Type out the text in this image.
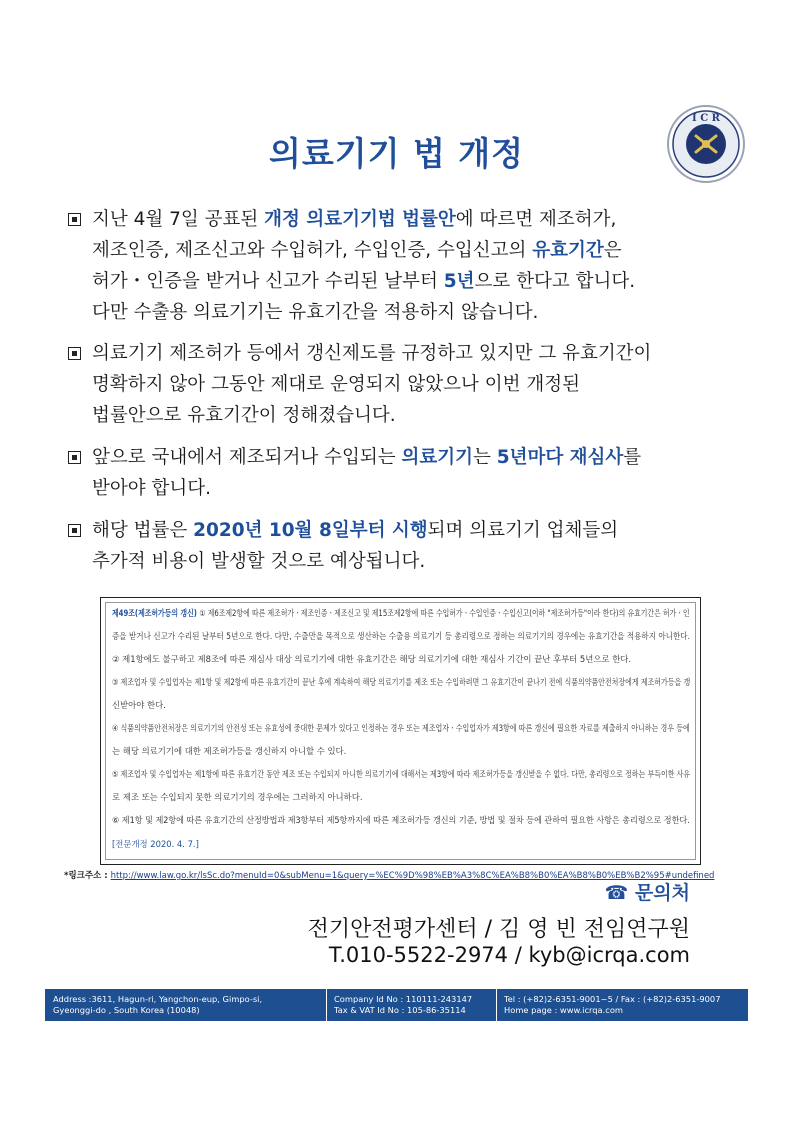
의료기기 법 개정
I C R
지난 4월 7일 공표된 개정 의료기기법 법률안에 따르면 제조허가,
제조인증, 제조신고와 수입허가, 수입인증, 수입신고의 유효기간은
허가・인증을 받거나 신고가 수리된 날부터 5년으로 한다고 합니다.
다만 수출용 의료기기는 유효기간을 적용하지 않습니다.
의료기기 제조허가 등에서 갱신제도를 규정하고 있지만 그 유효기간이
명확하지 않아 그동안 제대로 운영되지 않았으나 이번 개정된
법률안으로 유효기간이 정해졌습니다.
앞으로 국내에서 제조되거나 수입되는 의료기기는 5년마다 재심사를
받아야 합니다.
해당 법률은 2020년 10월 8일부터 시행되며 의료기기 업체들의
추가적 비용이 발생할 것으로 예상됩니다.
제49조(제조허가등의 갱신) ① 제6조제2항에 따른 제조허가ㆍ제조인증ㆍ제조신고 및 제15조제2항에 따른 수입허가ㆍ수입인증ㆍ수입신고(이하 "제조허가등"이라 한다)의 유효기간은 허가ㆍ인
증을 받거나 신고가 수리된 날부터 5년으로 한다. 다만, 수출만을 목적으로 생산하는 수출용 의료기기 등 총리령으로 정하는 의료기기의 경우에는 유효기간을 적용하지 아니한다.
② 제1항에도 불구하고 제8조에 따른 재심사 대상 의료기기에 대한 유효기간은 해당 의료기기에 대한 재심사 기간이 끝난 후부터 5년으로 한다.
③ 제조업자 및 수입업자는 제1항 및 제2항에 따른 유효기간이 끝난 후에 계속하여 해당 의료기기를 제조 또는 수입하려면 그 유효기간이 끝나기 전에 식품의약품안전처장에게 제조허가등을 갱
신받아야 한다.
④ 식품의약품안전처장은 의료기기의 안전성 또는 유효성에 중대한 문제가 있다고 인정하는 경우 또는 제조업자ㆍ수입업자가 제3항에 따른 갱신에 필요한 자료를 제출하지 아니하는 경우 등에
는 해당 의료기기에 대한 제조허가등을 갱신하지 아니할 수 있다.
⑤ 제조업자 및 수입업자는 제1항에 따른 유효기간 동안 제조 또는 수입되지 아니한 의료기기에 대해서는 제3항에 따라 제조허가등을 갱신받을 수 없다. 다만, 총리령으로 정하는 부득이한 사유
로 제조 또는 수입되지 못한 의료기기의 경우에는 그러하지 아니하다.
⑥ 제1항 및 제2항에 따른 유효기간의 산정방법과 제3항부터 제5항까지에 따른 제조허가등 갱신의 기준, 방법 및 절차 등에 관하여 필요한 사항은 총리령으로 정한다.
[전문개정 2020. 4. 7.]
*링크주소 : http://www.law.go.kr/lsSc.do?menuId=0&subMenu=1&query=%EC%9D%98%EB%A3%8C%EA%B8%B0%EA%B8%B0%EB%B2%95#undefined
☎ 문의처
전기안전평가센터 / 김 영 빈 전임연구원
T.010-5522-2974 / kyb@icrqa.com
Address :3611, Hagun-ri, Yangchon-eup, Gimpo-si,
Gyeonggi-do , South Korea (10048)
Company Id No : 110111-243147
Tax & VAT Id No : 105-86-35114
Tel : (+82)2-6351-9001~5 / Fax : (+82)2-6351-9007
Home page : www.icrqa.com
